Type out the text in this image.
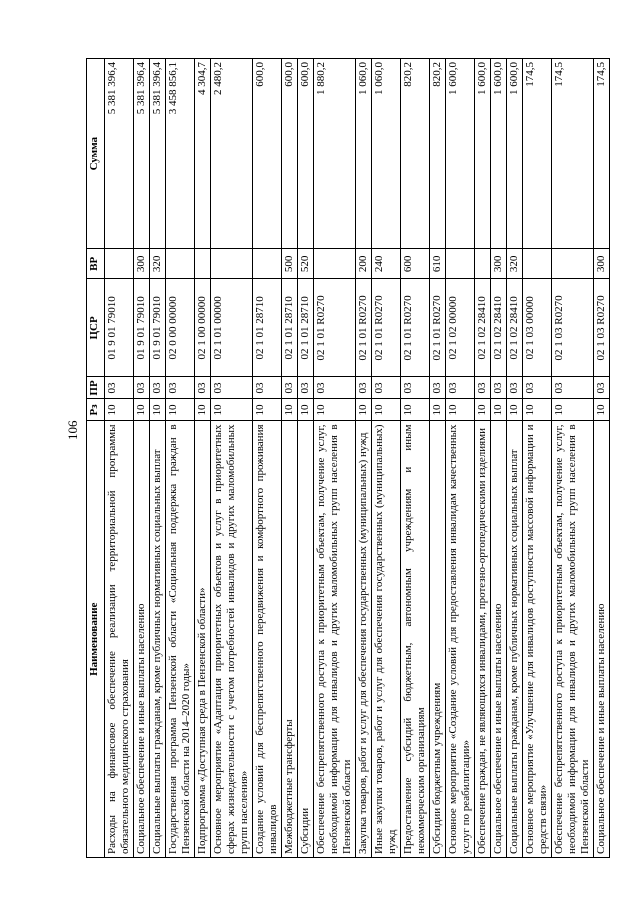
106
Наименование	Рз	ПР	ЦСР	ВР	Сумма
Расходы на финансовое обеспечение реализации территориальной программы обязательного медицинского страхования	10	03	01 9 01 79010		5 381 396,4

Социальное обеспечение и иные выплаты населению	10	03	01 9 01 79010	300	5 381 396,4

Социальные выплаты гражданам, кроме публичных нормативных социальных выплат	10	03	01 9 01 79010	320	5 381 396,4

Государственная программа Пензенской области «Социальная поддержка граждан в Пензенской области на 2014–2020 годы»	10	03	02 0 00 00000		3 458 856,1

Подпрограмма «Доступная среда в Пензенской области»	10	03	02 1 00 00000		4 304,7

Основное мероприятие «Адаптация приоритетных объектов и услуг в приоритетных сферах жизнедеятельности с учетом потребностей инвалидов и других маломобильных групп населения»	10	03	02 1 01 00000		2 480,2

Создание условий для беспрепятственного передвижения и комфортного проживания инвалидов	10	03	02 1 01 28710		600,0

Межбюджетные трансферты	10	03	02 1 01 28710	500	600,0

Субсидии	10	03	02 1 01 28710	520	600,0

Обеспечение беспрепятственного доступа к приоритетным объектам, получение услуг, необходимой информации для инвалидов и других маломобильных групп населения в Пензенской области	10	03	02 1 01 R0270		1 880,2

Закупка товаров, работ и услуг для обеспечения государственных (муниципальных) нужд	10	03	02 1 01 R0270	200	1 060,0

Иные закупки товаров, работ и услуг для обеспечения государственных (муниципальных) нужд	10	03	02 1 01 R0270	240	1 060,0

Предоставление субсидий бюджетным, автономным учреждениям и иным некоммерческим организациям	10	03	02 1 01 R0270	600	820,2

Субсидии бюджетным учреждениям	10	03	02 1 01 R0270	610	820,2

Основное мероприятие «Создание условий для предоставления инвалидам качественных услуг по реабилитации»	10	03	02 1 02 00000		1 600,0

Обеспечение граждан, не являющихся инвалидами, протезно-ортопедическими изделиями	10	03	02 1 02 28410		1 600,0

Социальное обеспечение и иные выплаты населению	10	03	02 1 02 28410	300	1 600,0

Социальные выплаты гражданам, кроме публичных нормативных социальных выплат	10	03	02 1 02 28410	320	1 600,0

Основное мероприятие «Улучшение для инвалидов доступности массовой информации и средств связи»	10	03	02 1 03 00000		174,5

Обеспечение беспрепятственного доступа к приоритетным объектам, получение услуг, необходимой информации для инвалидов и других маломобильных групп населения в Пензенской области	10	03	02 1 03 R0270		174,5

Социальное обеспечение и иные выплаты населению	10	03	02 1 03 R0270	300	174,5
